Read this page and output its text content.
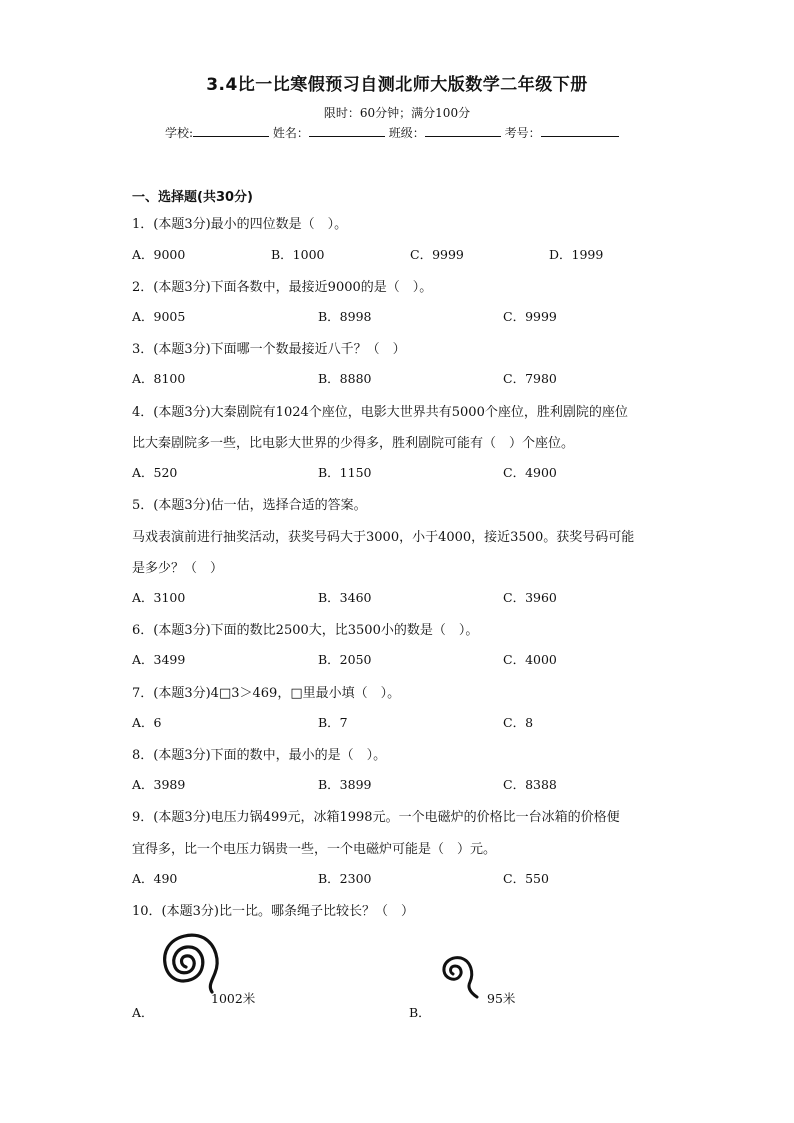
3.4比一比寒假预习自测北师大版数学二年级下册
限时：60分钟；满分100分
学校:	姓名：	班级：	考号：
一、选择题(共30分)
1．(本题3分)最小的四位数是（　）。
A．9000	B．1000	C．9999	D．1999
2．(本题3分)下面各数中，最接近9000的是（　）。
A．9005	B．8998	C．9999
3．(本题3分)下面哪一个数最接近八千？（　）
A．8100	B．8880	C．7980
4．(本题3分)大秦剧院有1024个座位，电影大世界共有5000个座位，胜利剧院的座位
比大秦剧院多一些，比电影大世界的少得多，胜利剧院可能有（　）个座位。
A．520	B．1150	C．4900
5．(本题3分)估一估，选择合适的答案。
马戏表演前进行抽奖活动，获奖号码大于3000，小于4000，接近3500。获奖号码可能
是多少？（　）
A．3100	B．3460	C．3960
6．(本题3分)下面的数比2500大，比3500小的数是（　）。
A．3499	B．2050	C．4000
7．(本题3分)4□3＞469，□里最小填（　）。
A．6	B．7	C．8
8．(本题3分)下面的数中，最小的是（　）。
A．3989	B．3899	C．8388
9．(本题3分)电压力锅499元，冰箱1998元。一个电磁炉的价格比一台冰箱的价格便
宜得多，比一个电压力锅贵一些，一个电磁炉可能是（　）元。
A．490	B．2300	C．550
10．(本题3分)比一比。哪条绳子比较长？（　）
1002米
A．
95米
B．
